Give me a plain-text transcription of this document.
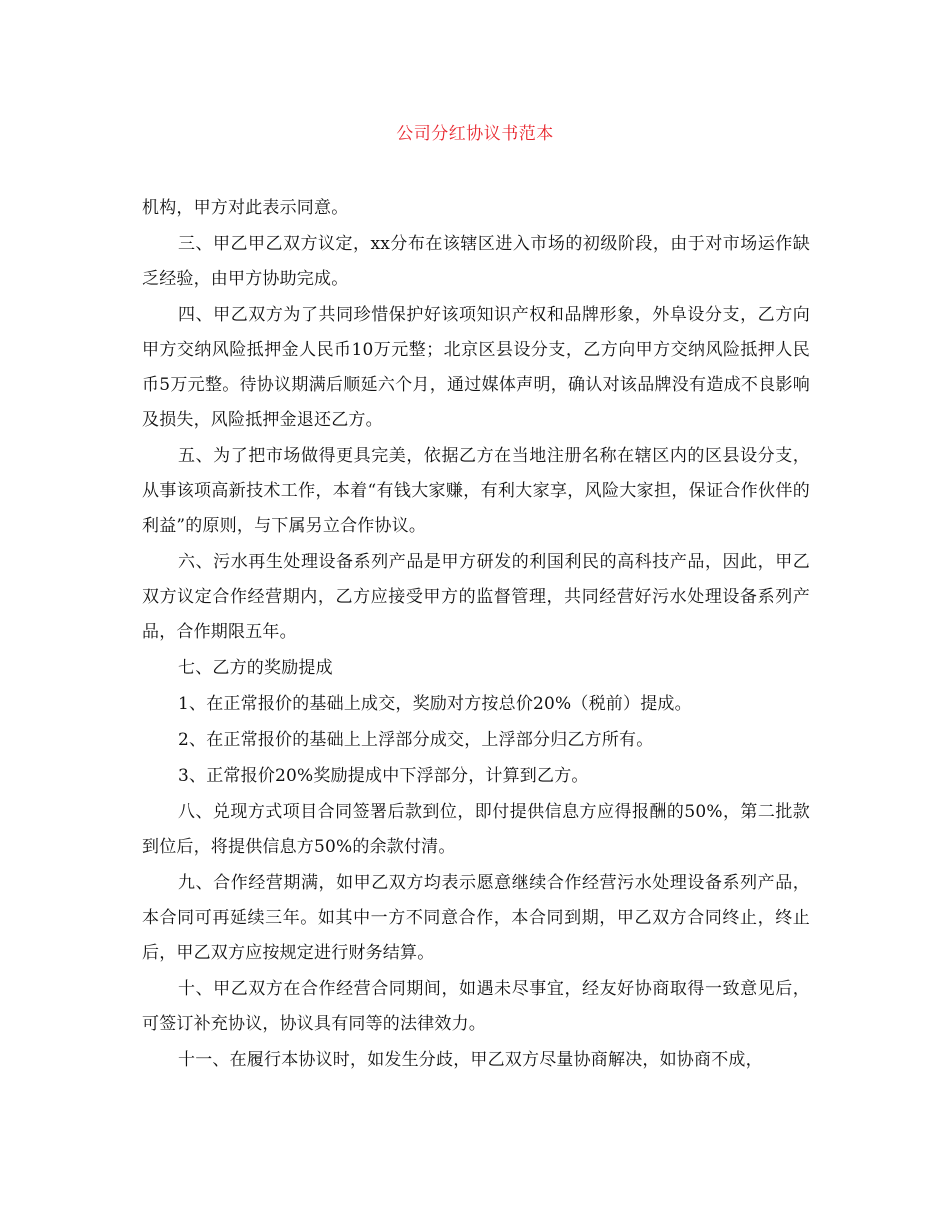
公司分红协议书范本

机构，甲方对此表示同意。

三、甲乙甲乙双方议定，xx分布在该辖区进入市场的初级阶段，由于对市场运作缺乏经验，由甲方协助完成。

四、甲乙双方为了共同珍惜保护好该项知识产权和品牌形象，外阜设分支，乙方向甲方交纳风险抵押金人民币10万元整；北京区县设分支，乙方向甲方交纳风险抵押人民币5万元整。待协议期满后顺延六个月，通过媒体声明，确认对该品牌没有造成不良影响及损失，风险抵押金退还乙方。

五、为了把市场做得更具完美，依据乙方在当地注册名称在辖区内的区县设分支，从事该项高新技术工作，本着“有钱大家赚，有利大家享，风险大家担，保证合作伙伴的利益”的原则，与下属另立合作协议。

六、污水再生处理设备系列产品是甲方研发的利国利民的高科技产品，因此，甲乙双方议定合作经营期内，乙方应接受甲方的监督管理，共同经营好污水处理设备系列产品，合作期限五年。

七、乙方的奖励提成

1、在正常报价的基础上成交，奖励对方按总价20%（税前）提成。

2、在正常报价的基础上上浮部分成交，上浮部分归乙方所有。

3、正常报价20%奖励提成中下浮部分，计算到乙方。

八、兑现方式项目合同签署后款到位，即付提供信息方应得报酬的50%，第二批款到位后，将提供信息方50%的余款付清。

九、合作经营期满，如甲乙双方均表示愿意继续合作经营污水处理设备系列产品，本合同可再延续三年。如其中一方不同意合作，本合同到期，甲乙双方合同终止，终止后，甲乙双方应按规定进行财务结算。

十、甲乙双方在合作经营合同期间，如遇未尽事宜，经友好协商取得一致意见后，可签订补充协议，协议具有同等的法律效力。

十一、在履行本协议时，如发生分歧，甲乙双方尽量协商解决，如协商不成，
